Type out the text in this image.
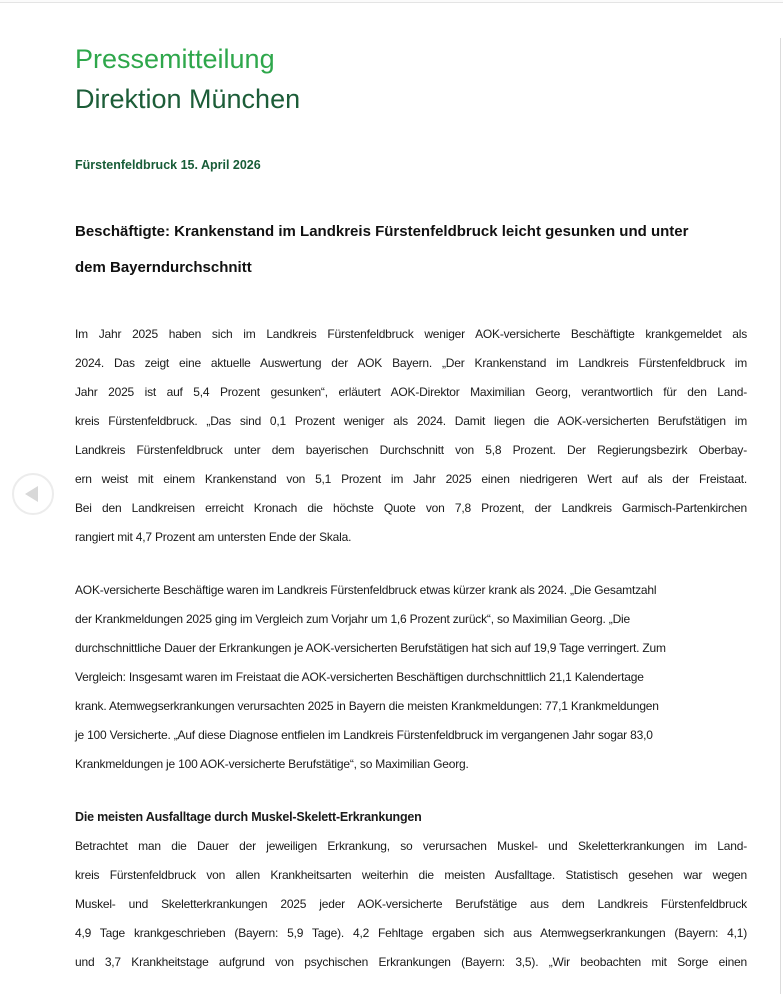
Pressemitteilung
Direktion München
Fürstenfeldbruck 15. April 2026
Beschäftigte: Krankenstand im Landkreis Fürstenfeldbruck leicht gesunken und unter
dem Bayerndurchschnitt
Im Jahr 2025 haben sich im Landkreis Fürstenfeldbruck weniger AOK-versicherte Beschäftigte krankgemeldet als
2024. Das zeigt eine aktuelle Auswertung der AOK Bayern. „Der Krankenstand im Landkreis Fürstenfeldbruck im
Jahr 2025 ist auf 5,4 Prozent gesunken“, erläutert AOK-Direktor Maximilian Georg, verantwortlich für den Land-
kreis Fürstenfeldbruck. „Das sind 0,1 Prozent weniger als 2024. Damit liegen die AOK-versicherten Berufstätigen im
Landkreis Fürstenfeldbruck unter dem bayerischen Durchschnitt von 5,8 Prozent. Der Regierungsbezirk Oberbay-
ern weist mit einem Krankenstand von 5,1 Prozent im Jahr 2025 einen niedrigeren Wert auf als der Freistaat.
Bei den Landkreisen erreicht Kronach die höchste Quote von 7,8 Prozent, der Landkreis Garmisch-Partenkirchen
rangiert mit 4,7 Prozent am untersten Ende der Skala.
AOK-versicherte Beschäftige waren im Landkreis Fürstenfeldbruck etwas kürzer krank als 2024. „Die Gesamtzahl
der Krankmeldungen 2025 ging im Vergleich zum Vorjahr um 1,6 Prozent zurück“, so Maximilian Georg. „Die
durchschnittliche Dauer der Erkrankungen je AOK-versicherten Berufstätigen hat sich auf 19,9 Tage verringert. Zum
Vergleich: Insgesamt waren im Freistaat die AOK-versicherten Beschäftigen durchschnittlich 21,1 Kalendertage
krank. Atemwegserkrankungen verursachten 2025 in Bayern die meisten Krankmeldungen: 77,1 Krankmeldungen
je 100 Versicherte. „Auf diese Diagnose entfielen im Landkreis Fürstenfeldbruck im vergangenen Jahr sogar 83,0
Krankmeldungen je 100 AOK-versicherte Berufstätige“, so Maximilian Georg.
Die meisten Ausfalltage durch Muskel-Skelett-Erkrankungen
Betrachtet man die Dauer der jeweiligen Erkrankung, so verursachen Muskel- und Skeletterkrankungen im Land-
kreis Fürstenfeldbruck von allen Krankheitsarten weiterhin die meisten Ausfalltage. Statistisch gesehen war wegen
Muskel- und Skeletterkrankungen 2025 jeder AOK-versicherte Berufstätige aus dem Landkreis Fürstenfeldbruck
4,9 Tage krankgeschrieben (Bayern: 5,9 Tage). 4,2 Fehltage ergaben sich aus Atemwegserkrankungen (Bayern: 4,1)
und 3,7 Krankheitstage aufgrund von psychischen Erkrankungen (Bayern: 3,5). „Wir beobachten mit Sorge einen
